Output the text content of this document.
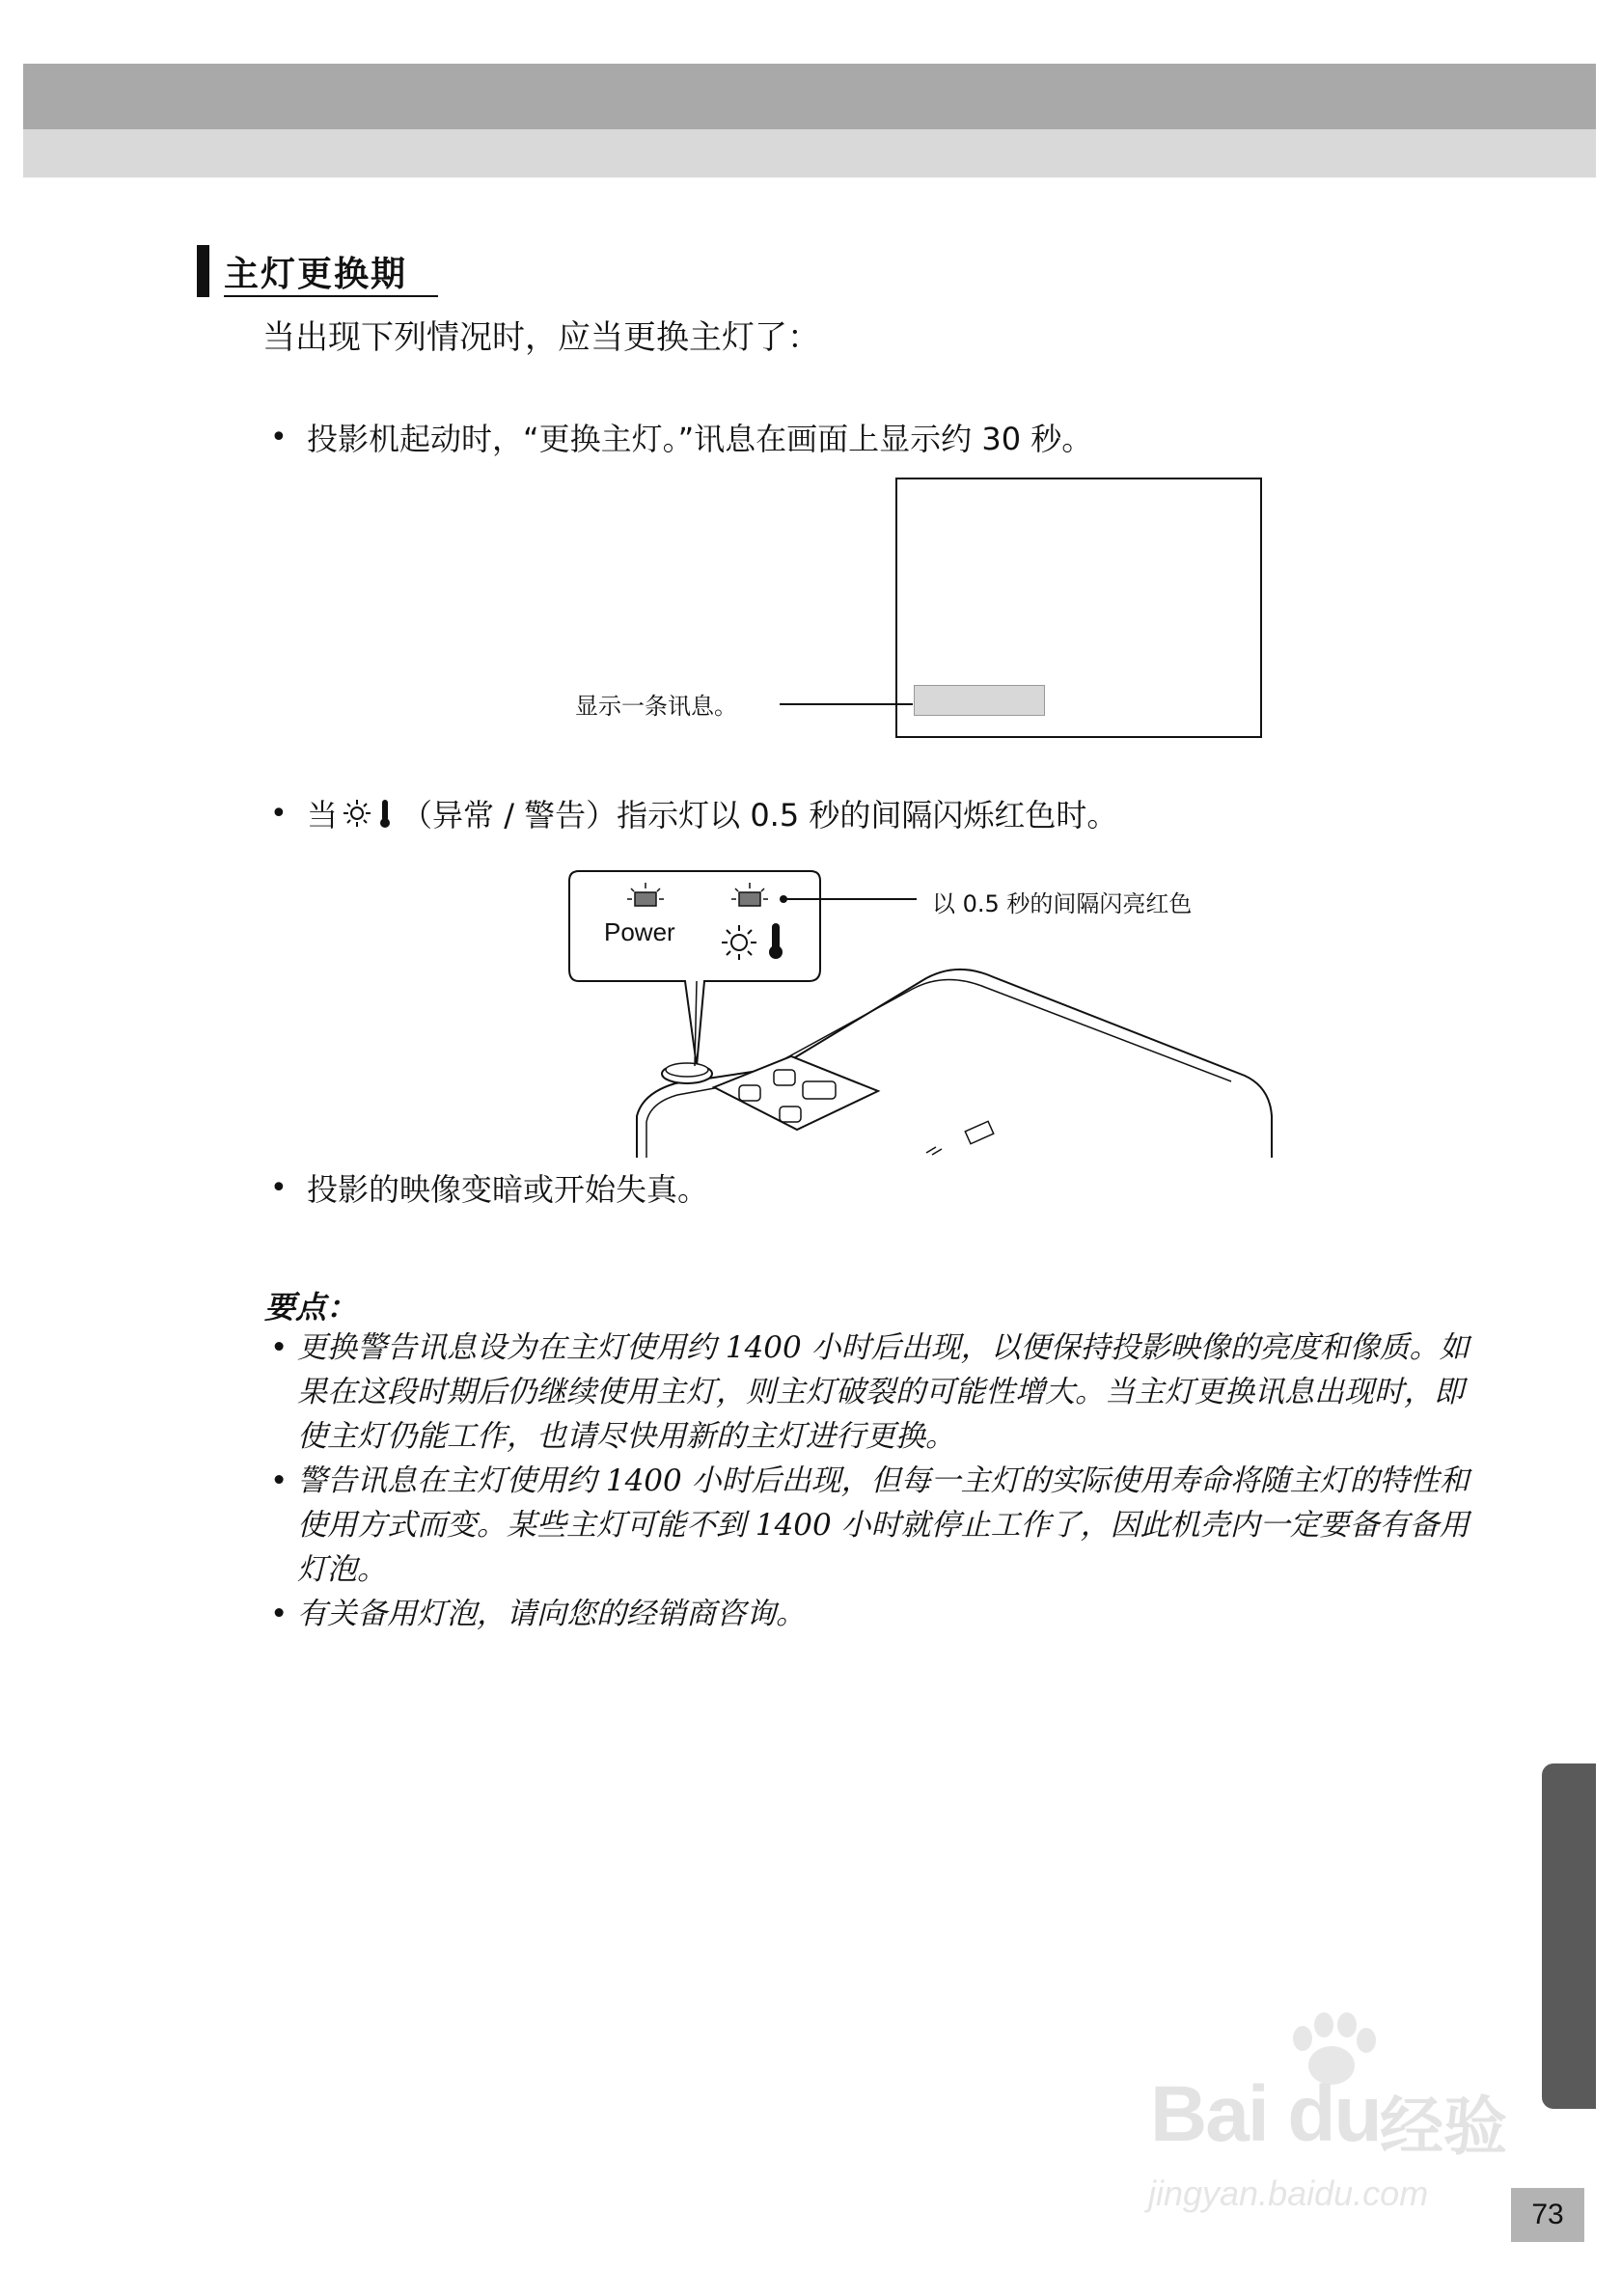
主灯更换期
当出现下列情况时，应当更换主灯了：
• 投影机起动时，“更换主灯。”讯息在画面上显示约 30 秒。
显示一条讯息。
• 当 （异常 / 警告）指示灯以 0.5 秒的间隔闪烁红色时。
Power
以 0.5 秒的间隔闪亮红色
• 投影的映像变暗或开始失真。
要点：
• 更换警告讯息设为在主灯使用约 1400 小时后出现，以便保持投影映像的亮度和像质。如果在这段时期后仍继续使用主灯，则主灯破裂的可能性增大。当主灯更换讯息出现时，即使主灯仍能工作，也请尽快用新的主灯进行更换。
• 警告讯息在主灯使用约 1400 小时后出现，但每一主灯的实际使用寿命将随主灯的特性和使用方式而变。某些主灯可能不到 1400 小时就停止工作了，因此机壳内一定要备有备用灯泡。
• 有关备用灯泡，请向您的经销商咨询。
Bai du 经验
jingyan.baidu.com
73
